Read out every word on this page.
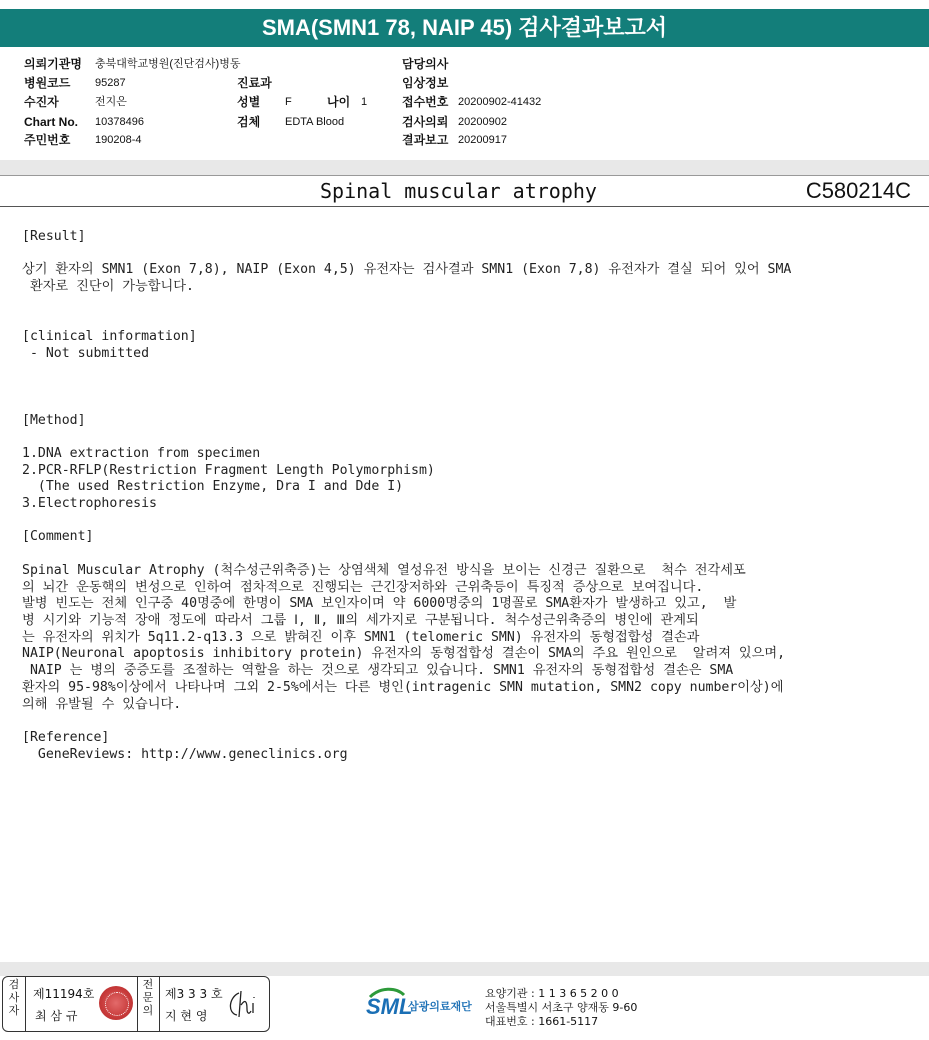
SMA(SMN1 78, NAIP 45) 검사결과보고서
의뢰기관명 충북대학교병원(진단검사)병동	담당의사
병원코드 95287	진료과	임상정보
수진자	전지은	성별 F	나이 1	접수번호 20200902-41432
Chart No. 10378496	검체 EDTA Blood	검사의뢰 20200902
주민번호 190208-4	결과보고 20200917
Spinal muscular atrophy	C580214C

[Result]

상기 환자의 SMN1 (Exon 7,8), NAIP (Exon 4,5) 유전자는 검사결과 SMN1 (Exon 7,8) 유전자가 결실 되어 있어 SMA
환자로 진단이 가능합니다.

[clinical information]

- Not submitted

[Method]

1.DNA extraction from specimen

2.PCR-RFLP(Restriction Fragment Length Polymorphism)

(The used Restriction Enzyme, Dra I and Dde I)

3.Electrophoresis

[Comment]

Spinal Muscular Atrophy (척수성근위축증)는 상염색체 열성유전 방식을 보이는 신경근 질환으로  척수 전각세포
의 뇌간 운동핵의 변성으로 인하여 점차적으로 진행되는 근긴장저하와 근위축등이 특징적 증상으로 보여집니다.
발병 빈도는 전체 인구중 40명중에 한명이 SMA 보인자이며 약 6000명중의 1명꼴로 SMA환자가 발생하고 있고,  발
병 시기와 기능적 장애 정도에 따라서 그룹 Ⅰ, Ⅱ, Ⅲ의 세가지로 구분됩니다. 척수성근위축증의 병인에 관계되
는 유전자의 위치가 5q11.2-q13.3 으로 밝혀진 이후 SMN1 (telomeric SMN) 유전자의 동형접합성 결손과
NAIP(Neuronal apoptosis inhibitory protein) 유전자의 동형접합성 결손이 SMA의 주요 원인으로  알려져 있으며,
NAIP 는 병의 중증도를 조절하는 역할을 하는 것으로 생각되고 있습니다. SMN1 유전자의 동형접합성 결손은 SMA
환자의 95-98%이상에서 나타나며 그외 2-5%에서는 다른 병인(intragenic SMN mutation, SMN2 copy number이상)에
의해 유발될 수 있습니다.

[Reference]

GeneReviews: http://www.geneclinics.org

검사자
제11194호
최 삼 규
전문의
제3 3 3 호
지 현 영	SML
삼광의료재단
요양기관 : 1 1 3 6 5 2 0 0
서울특별시 서초구 양재동 9-60
대표번호 : 1661-5117
